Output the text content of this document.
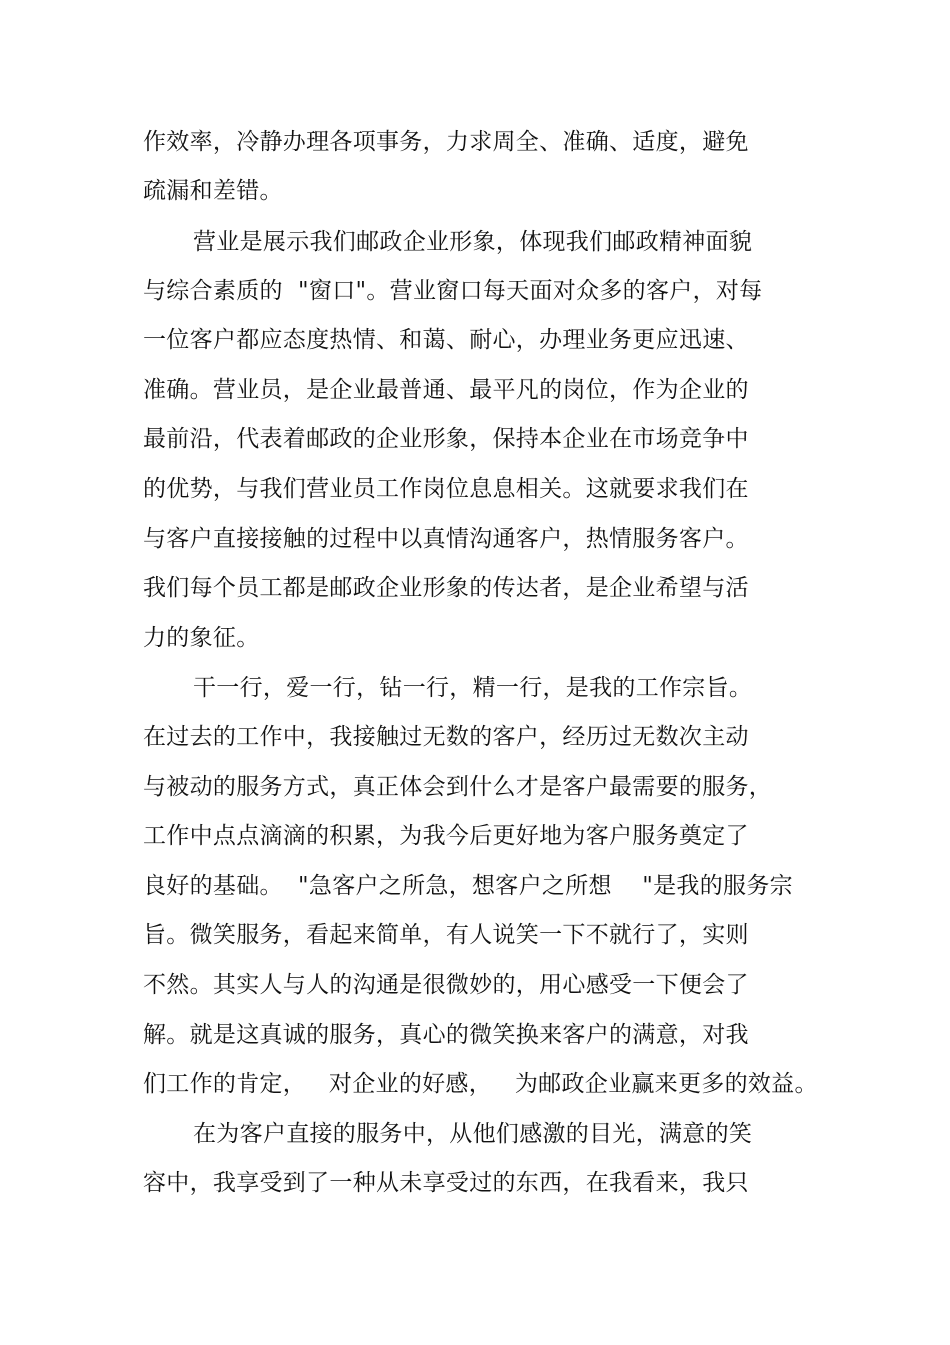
作效率，冷静办理各项事务，力求周全、准确、适度，避免
疏漏和差错。
营业是展示我们邮政企业形象，体现我们邮政精神面貌
与综合素质的  "窗口"。营业窗口每天面对众多的客户，对每
一位客户都应态度热情、和蔼、耐心，办理业务更应迅速、
准确。营业员，是企业最普通、最平凡的岗位，作为企业的
最前沿，代表着邮政的企业形象，保持本企业在市场竞争中
的优势，与我们营业员工作岗位息息相关。这就要求我们在
与客户直接接触的过程中以真情沟通客户，热情服务客户。
我们每个员工都是邮政企业形象的传达者，是企业希望与活
力的象征。
干一行，爱一行，钻一行，精一行，是我的工作宗旨。
在过去的工作中，我接触过无数的客户，经历过无数次主动
与被动的服务方式，真正体会到什么才是客户最需要的服务，
工作中点点滴滴的积累，为我今后更好地为客户服务奠定了
良好的基础。  "急客户之所急，想客户之所想    "是我的服务宗
旨。微笑服务，看起来简单，有人说笑一下不就行了，实则
不然。其实人与人的沟通是很微妙的，用心感受一下便会了
解。就是这真诚的服务，真心的微笑换来客户的满意，对我
们工作的肯定，   对企业的好感，   为邮政企业赢来更多的效益。
在为客户直接的服务中，从他们感激的目光，满意的笑
容中，我享受到了一种从未享受过的东西，在我看来，我只
